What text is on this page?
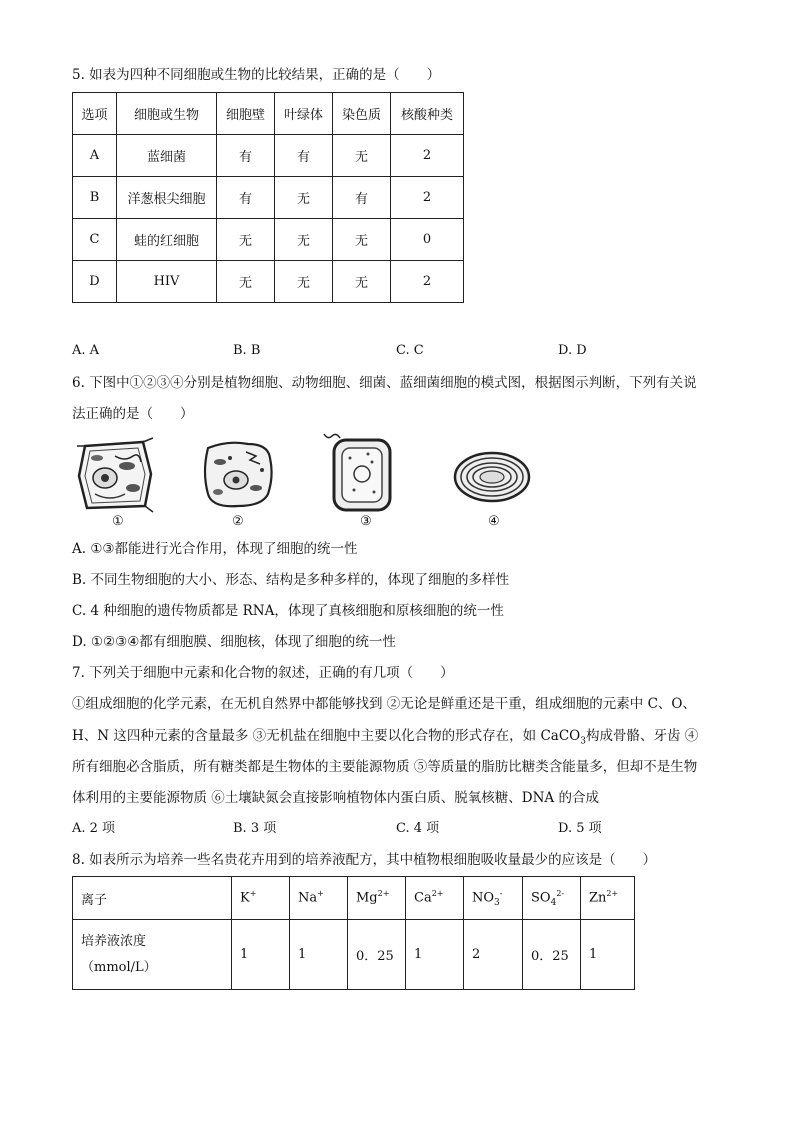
5. 如表为四种不同细胞或生物的比较结果，正确的是（　　）
选项	细胞或生物	细胞壁	叶绿体	染色质	核酸种类
A	蓝细菌	有	有	无	2
B	洋葱根尖细胞	有	无	有	2
C	蛙的红细胞	无	无	无	0
D	HIV	无	无	无	2
A. A	B. B	C. C	D. D
6. 下图中①②③④分别是植物细胞、动物细胞、细菌、蓝细菌细胞的模式图，根据图示判断，下列有关说
法正确的是（　　）
①	②	③	④
A. ①③都能进行光合作用，体现了细胞的统一性
B. 不同生物细胞的大小、形态、结构是多种多样的，体现了细胞的多样性
C. 4 种细胞的遗传物质都是 RNA，体现了真核细胞和原核细胞的统一性
D. ①②③④都有细胞膜、细胞核，体现了细胞的统一性
7. 下列关于细胞中元素和化合物的叙述，正确的有几项（　　）
①组成细胞的化学元素，在无机自然界中都能够找到 ②无论是鲜重还是干重，组成细胞的元素中 C、O、
H、N 这四种元素的含量最多 ③无机盐在细胞中主要以化合物的形式存在，如 CaCO$_3$构成骨骼、牙齿 ④
所有细胞必含脂质，所有糖类都是生物体的主要能源物质 ⑤等质量的脂肪比糖类含能量多，但却不是生物
体利用的主要能源物质 ⑥土壤缺氮会直接影响植物体内蛋白质、脱氧核糖、DNA 的合成
A. 2 项	B. 3 项	C. 4 项	D. 5 项
8. 如表所示为培养一些名贵花卉用到的培养液配方，其中植物根细胞吸收量最少的应该是（　　）
离子	K+	Na+	$Mg^{2+}$	$Ca^{2+}$	$NO_3^-$	$SO_4^{2-}$	$Zn^{2+}$

培养液浓度
（mmol/L）	1	1	0．25	1	2	0．25	1
